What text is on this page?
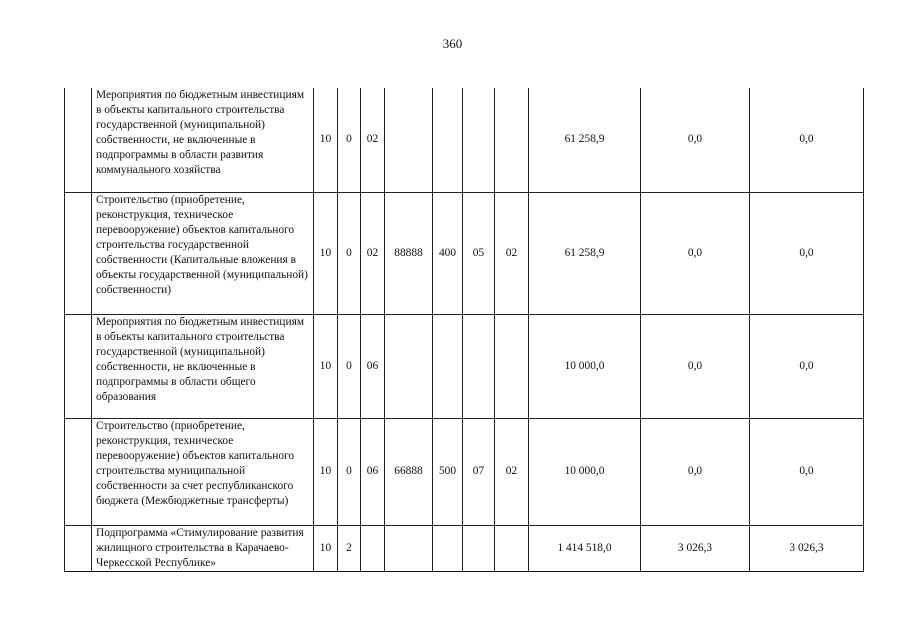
360
	Мероприятия по бюджетным инвестициям в объекты капитального строительства государственной (муниципальной) собственности, не включенные в подпрограммы в области развития коммунального хозяйства	10	0	02					61 258,9	0,0	0,0
	Строительство (приобретение, реконструкция, техническое перевооружение) объектов капитального строительства государственной собственности (Капитальные вложения в объекты государственной (муниципальной) собственности)	10	0	02	88888	400	05	02	61 258,9	0,0	0,0
	Мероприятия по бюджетным инвестициям в объекты капитального строительства государственной (муниципальной) собственности, не включенные в подпрограммы в области общего образования	10	0	06					10 000,0	0,0	0,0
	Строительство (приобретение, реконструкция, техническое перевооружение) объектов капитального строительства муниципальной собственности за счет республиканского бюджета (Межбюджетные трансферты)	10	0	06	66888	500	07	02	10 000,0	0,0	0,0
	Подпрограмма «Стимулирование развития жилищного строительства в Карачаево-Черкесской Республике»	10	2						1 414 518,0	3 026,3	3 026,3
